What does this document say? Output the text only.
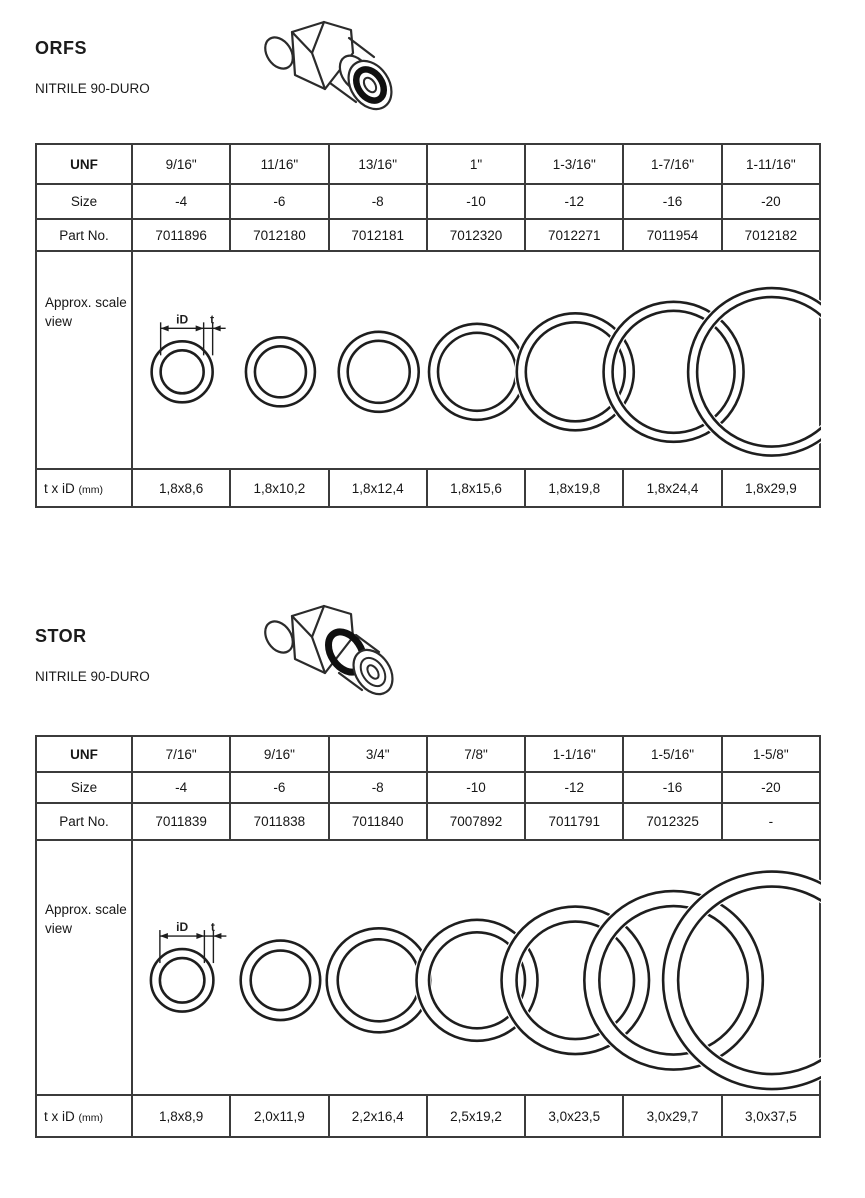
ORFS

NITRILE 90-DURO

UNF	9/16"	11/16"	13/16"	1"	1-3/16"	1-7/16"	1-11/16"
Size	-4	-6	-8	-10	-12	-16	-20
Part No.	7011896	7012180	7012181	7012320	7012271	7011954	7012182
Approx. scale view	iD t						

t x iD (mm)	1,8x8,6	1,8x10,2	1,8x12,4	1,8x15,6	1,8x19,8	1,8x24,4	1,8x29,9
STOR

NITRILE 90-DURO

UNF	7/16"	9/16"	3/4"	7/8"	1-1/16"	1-5/16"	1-5/8"
Size	-4	-6	-8	-10	-12	-16	-20
Part No.	7011839	7011838	7011840	7007892	7011791	7012325	-
Approx. scale view	iD t						

t x iD (mm)	1,8x8,9	2,0x11,9	2,2x16,4	2,5x19,2	3,0x23,5	3,0x29,7	3,0x37,5
